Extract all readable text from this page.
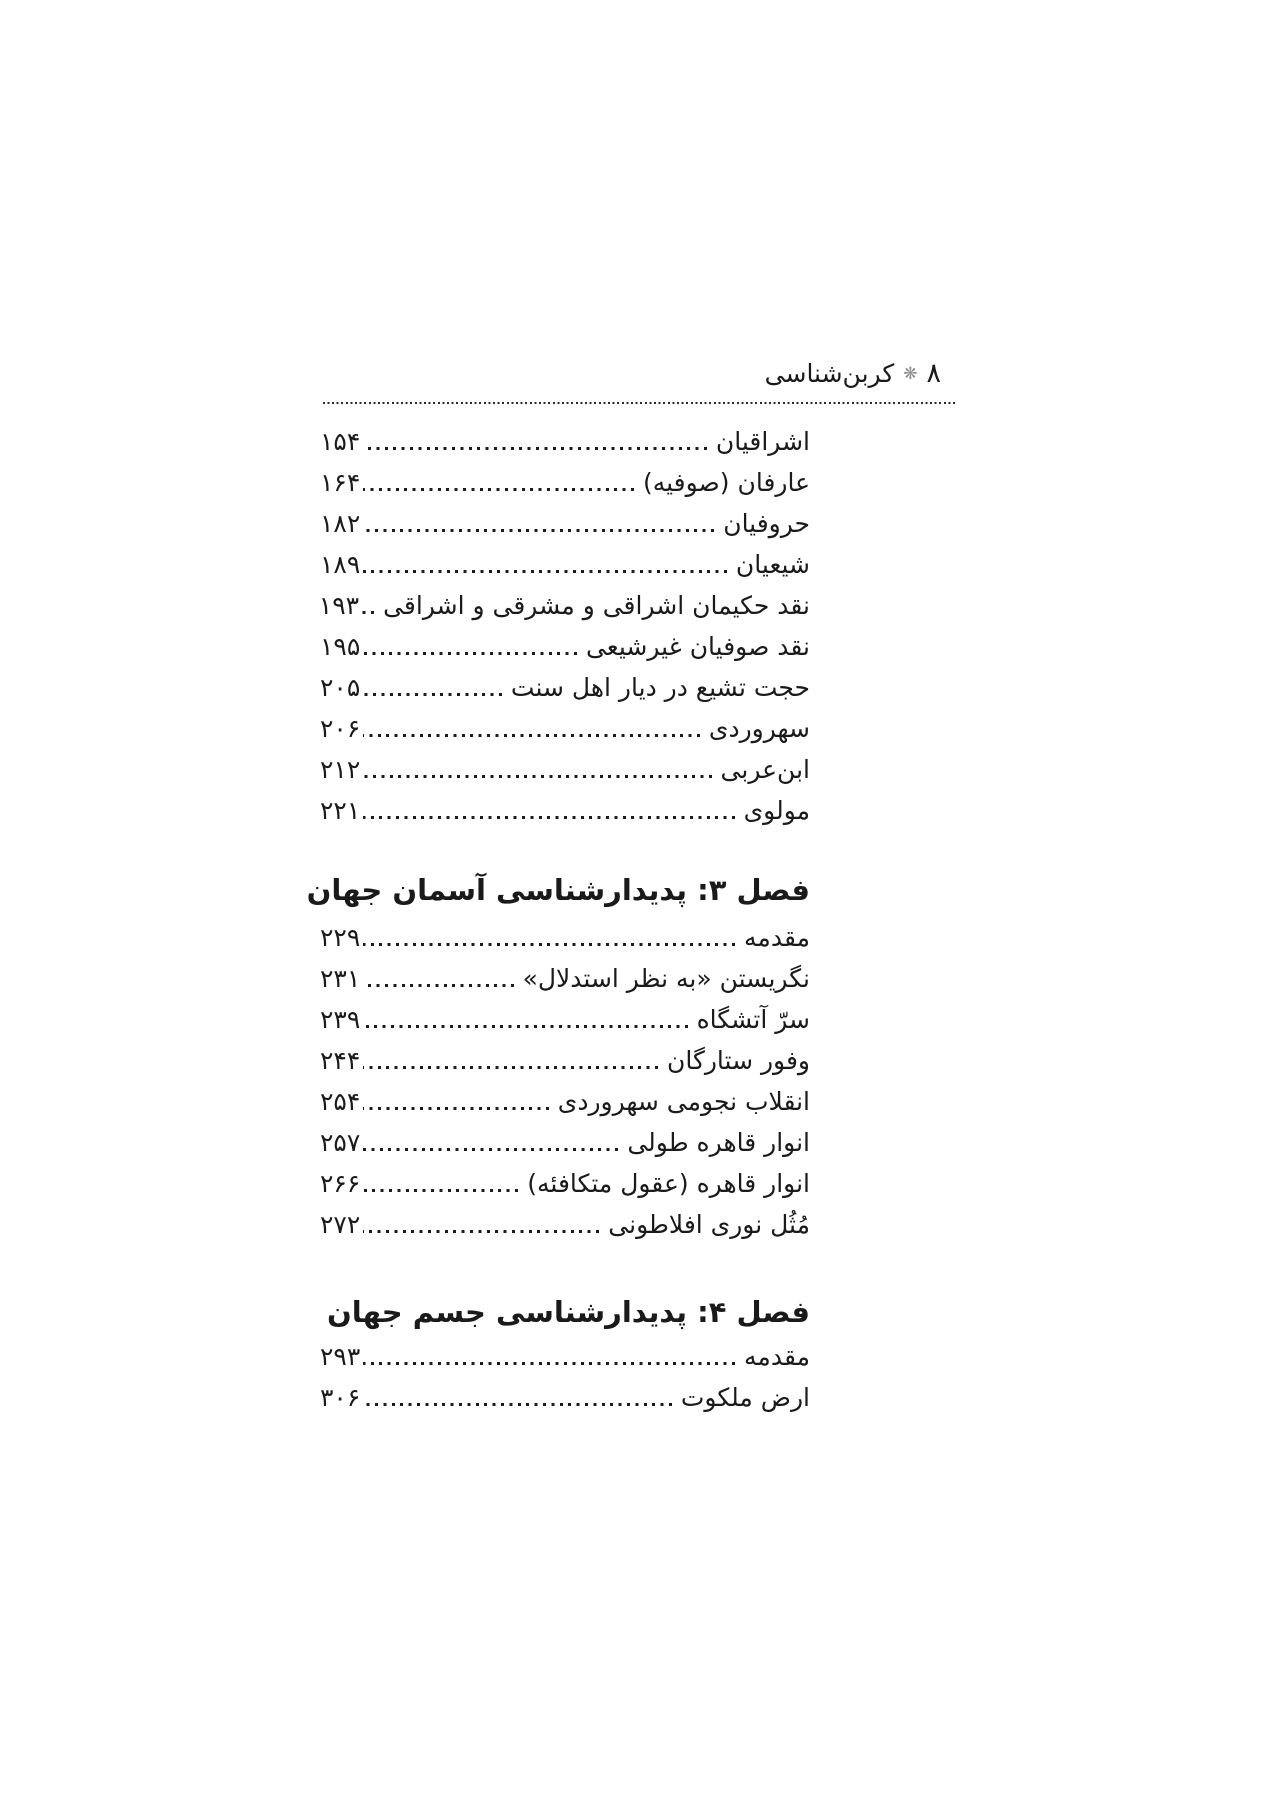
۸
❋
کربن‌شناسی
اشراقیان
۱۵۴
عارفان (صوفیه)
۱۶۴
حروفیان
۱۸۲
شیعیان
۱۸۹
نقد حکیمان اشراقی و مشرقی و اشراقی
۱۹۳
نقد صوفیان غیرشیعی
۱۹۵
حجت تشیع در دیار اهل سنت
۲۰۵
سهروردی
۲۰۶
ابن‌عربی
۲۱۲
مولوی
۲۲۱
فصل ۳: پدیدارشناسی آسمان جهان
مقدمه
۲۲۹
نگریستن «به نظر استدلال»
۲۳۱
سرّ آتشگاه
۲۳۹
وفور ستارگان
۲۴۴
انقلاب نجومی سهروردی
۲۵۴
انوار قاهره طولی
۲۵۷
انوار قاهره (عقول متکافئه)
۲۶۶
مُثُل نوری افلاطونی
۲۷۲
فصل ۴: پدیدارشناسی جسم جهان
مقدمه
۲۹۳
ارض ملکوت
۳۰۶
